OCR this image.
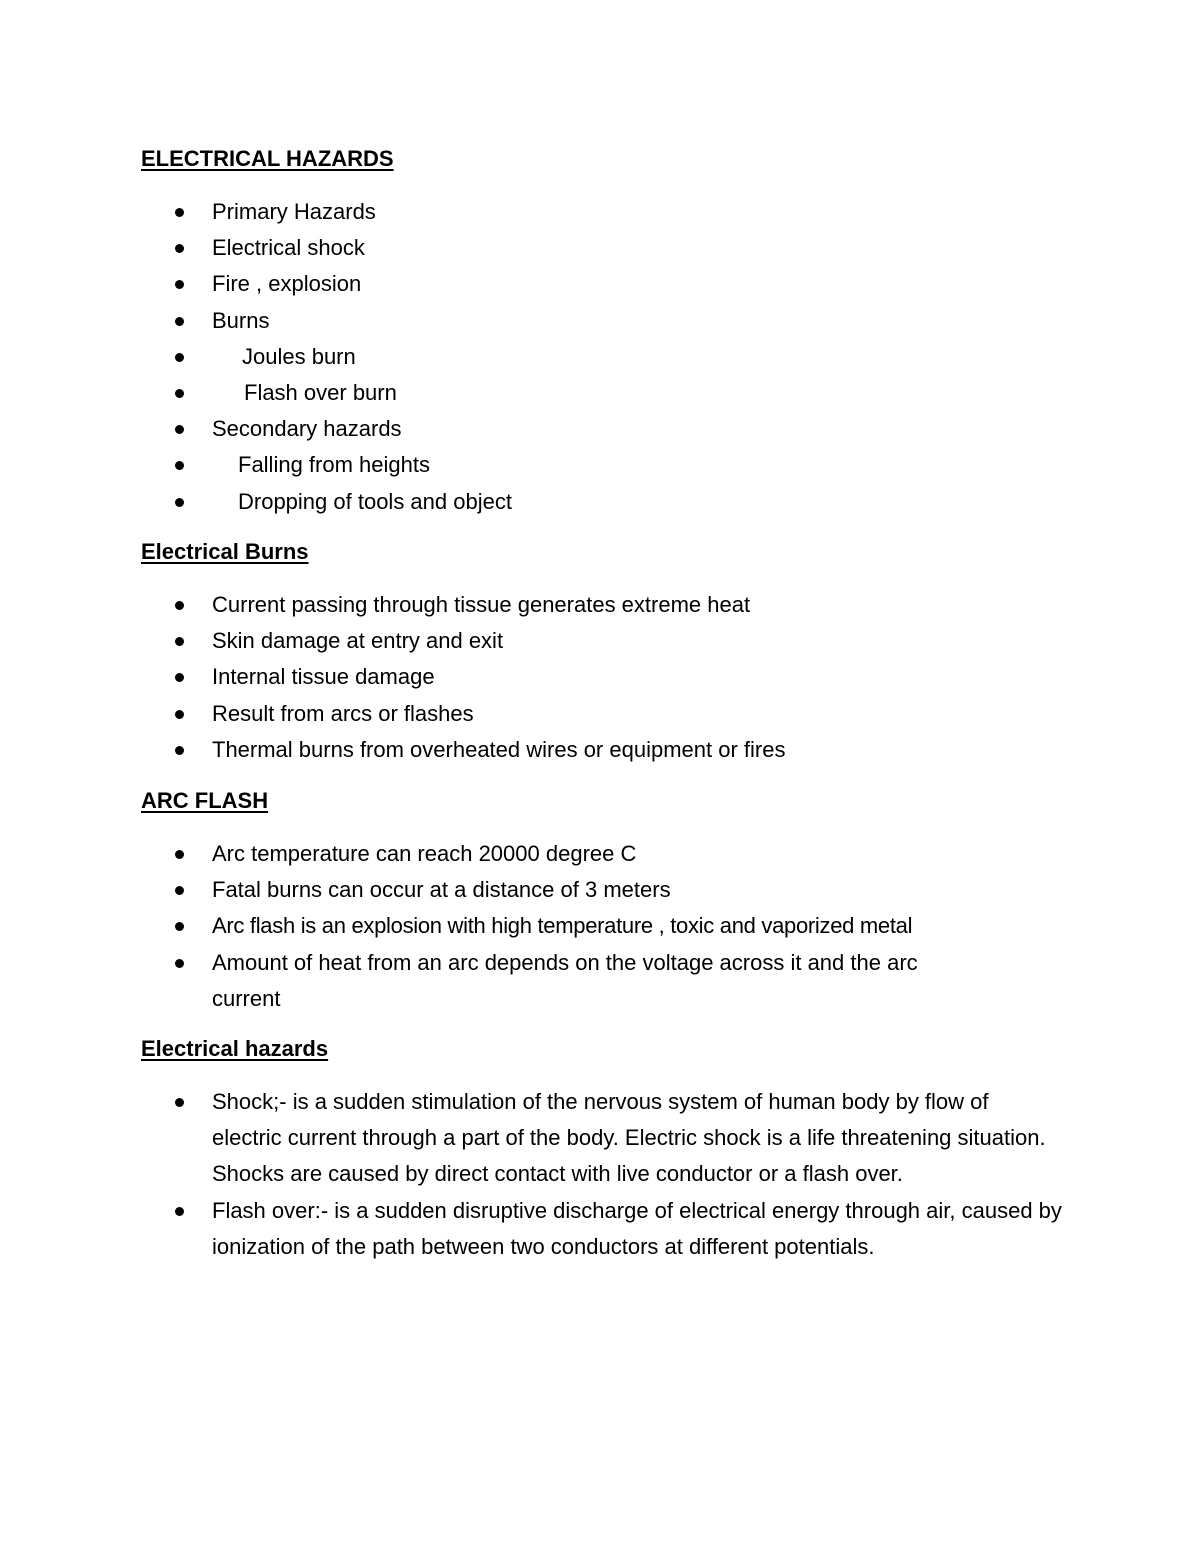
ELECTRICAL HAZARDS
Primary Hazards
Electrical shock
Fire , explosion
Burns
Joules burn
Flash over burn
Secondary hazards
Falling from heights
Dropping of tools and object
Electrical Burns
Current passing through tissue generates extreme heat
Skin damage at entry and exit
Internal tissue damage
Result from arcs or flashes
Thermal burns from overheated wires or equipment or fires
ARC FLASH
Arc temperature can reach 20000 degree C
Fatal burns can occur at a distance of 3 meters
Arc flash is an explosion with high temperature , toxic and vaporized metal
Amount of heat from an arc depends on the voltage across it and the arc current
Electrical hazards
Shock;- is a sudden stimulation of the nervous system of human body by flow of electric current through a part of the body. Electric shock is a life threatening situation. Shocks are caused by direct contact with live conductor or a flash over.
Flash over:- is a sudden disruptive discharge of electrical energy through air, caused by ionization of the path between two conductors at different potentials.
